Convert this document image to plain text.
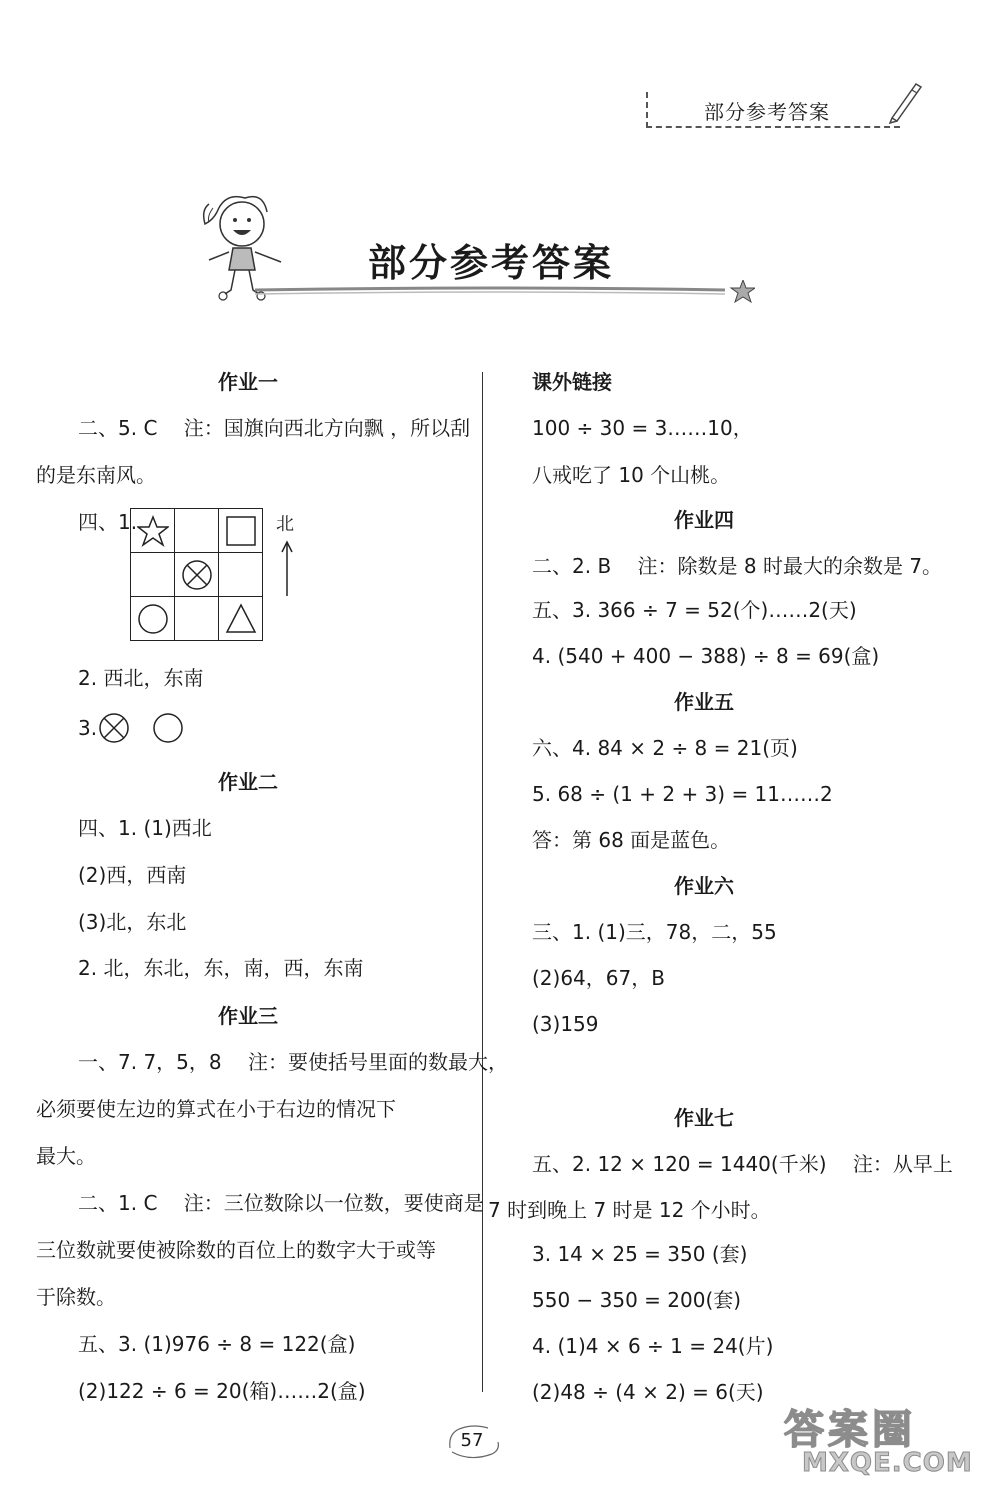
部分参考答案
部分参考答案
作业一
二、5. C　 注：国旗向西北方向飘 ，所以刮
的是东南风。
四、1.	北
2. 西北，东南
3.
作业二
四、1. (1)西北
(2)西，西南
(3)北，东北
2. 北，东北，东，南，西，东南
作业三
一、7. 7，5，8　 注：要使括号里面的数最大，
必须要使左边的算式在小于右边的情况下
最大。
二、1. C　 注：三位数除以一位数，要使商是
三位数就要使被除数的百位上的数字大于或等
于除数。
五、3. (1)976 ÷ 8 = 122(盒)
(2)122 ÷ 6 = 20(箱)……2(盒)
课外链接
100 ÷ 30 = 3……10，
八戒吃了 10 个山桃。
作业四
二、2. B　 注：除数是 8 时最大的余数是 7。
五、3. 366 ÷ 7 = 52(个)……2(天)
4. (540 + 400 − 388) ÷ 8 = 69(盒)
作业五
六、4. 84 × 2 ÷ 8 = 21(页)
5. 68 ÷ (1 + 2 + 3) = 11……2
答：第 68 面是蓝色。
作业六
三、1. (1)三，78，二，55
(2)64，67，B
(3)159
作业七
五、2. 12 × 120 = 1440(千米)　 注：从早上
7 时到晚上 7 时是 12 个小时。
3. 14 × 25 = 350 (套)
550 − 350 = 200(套)
4. (1)4 × 6 ÷ 1 = 24(片)
(2)48 ÷ (4 × 2) = 6(天)
57	答案圈
MXQE.COM
